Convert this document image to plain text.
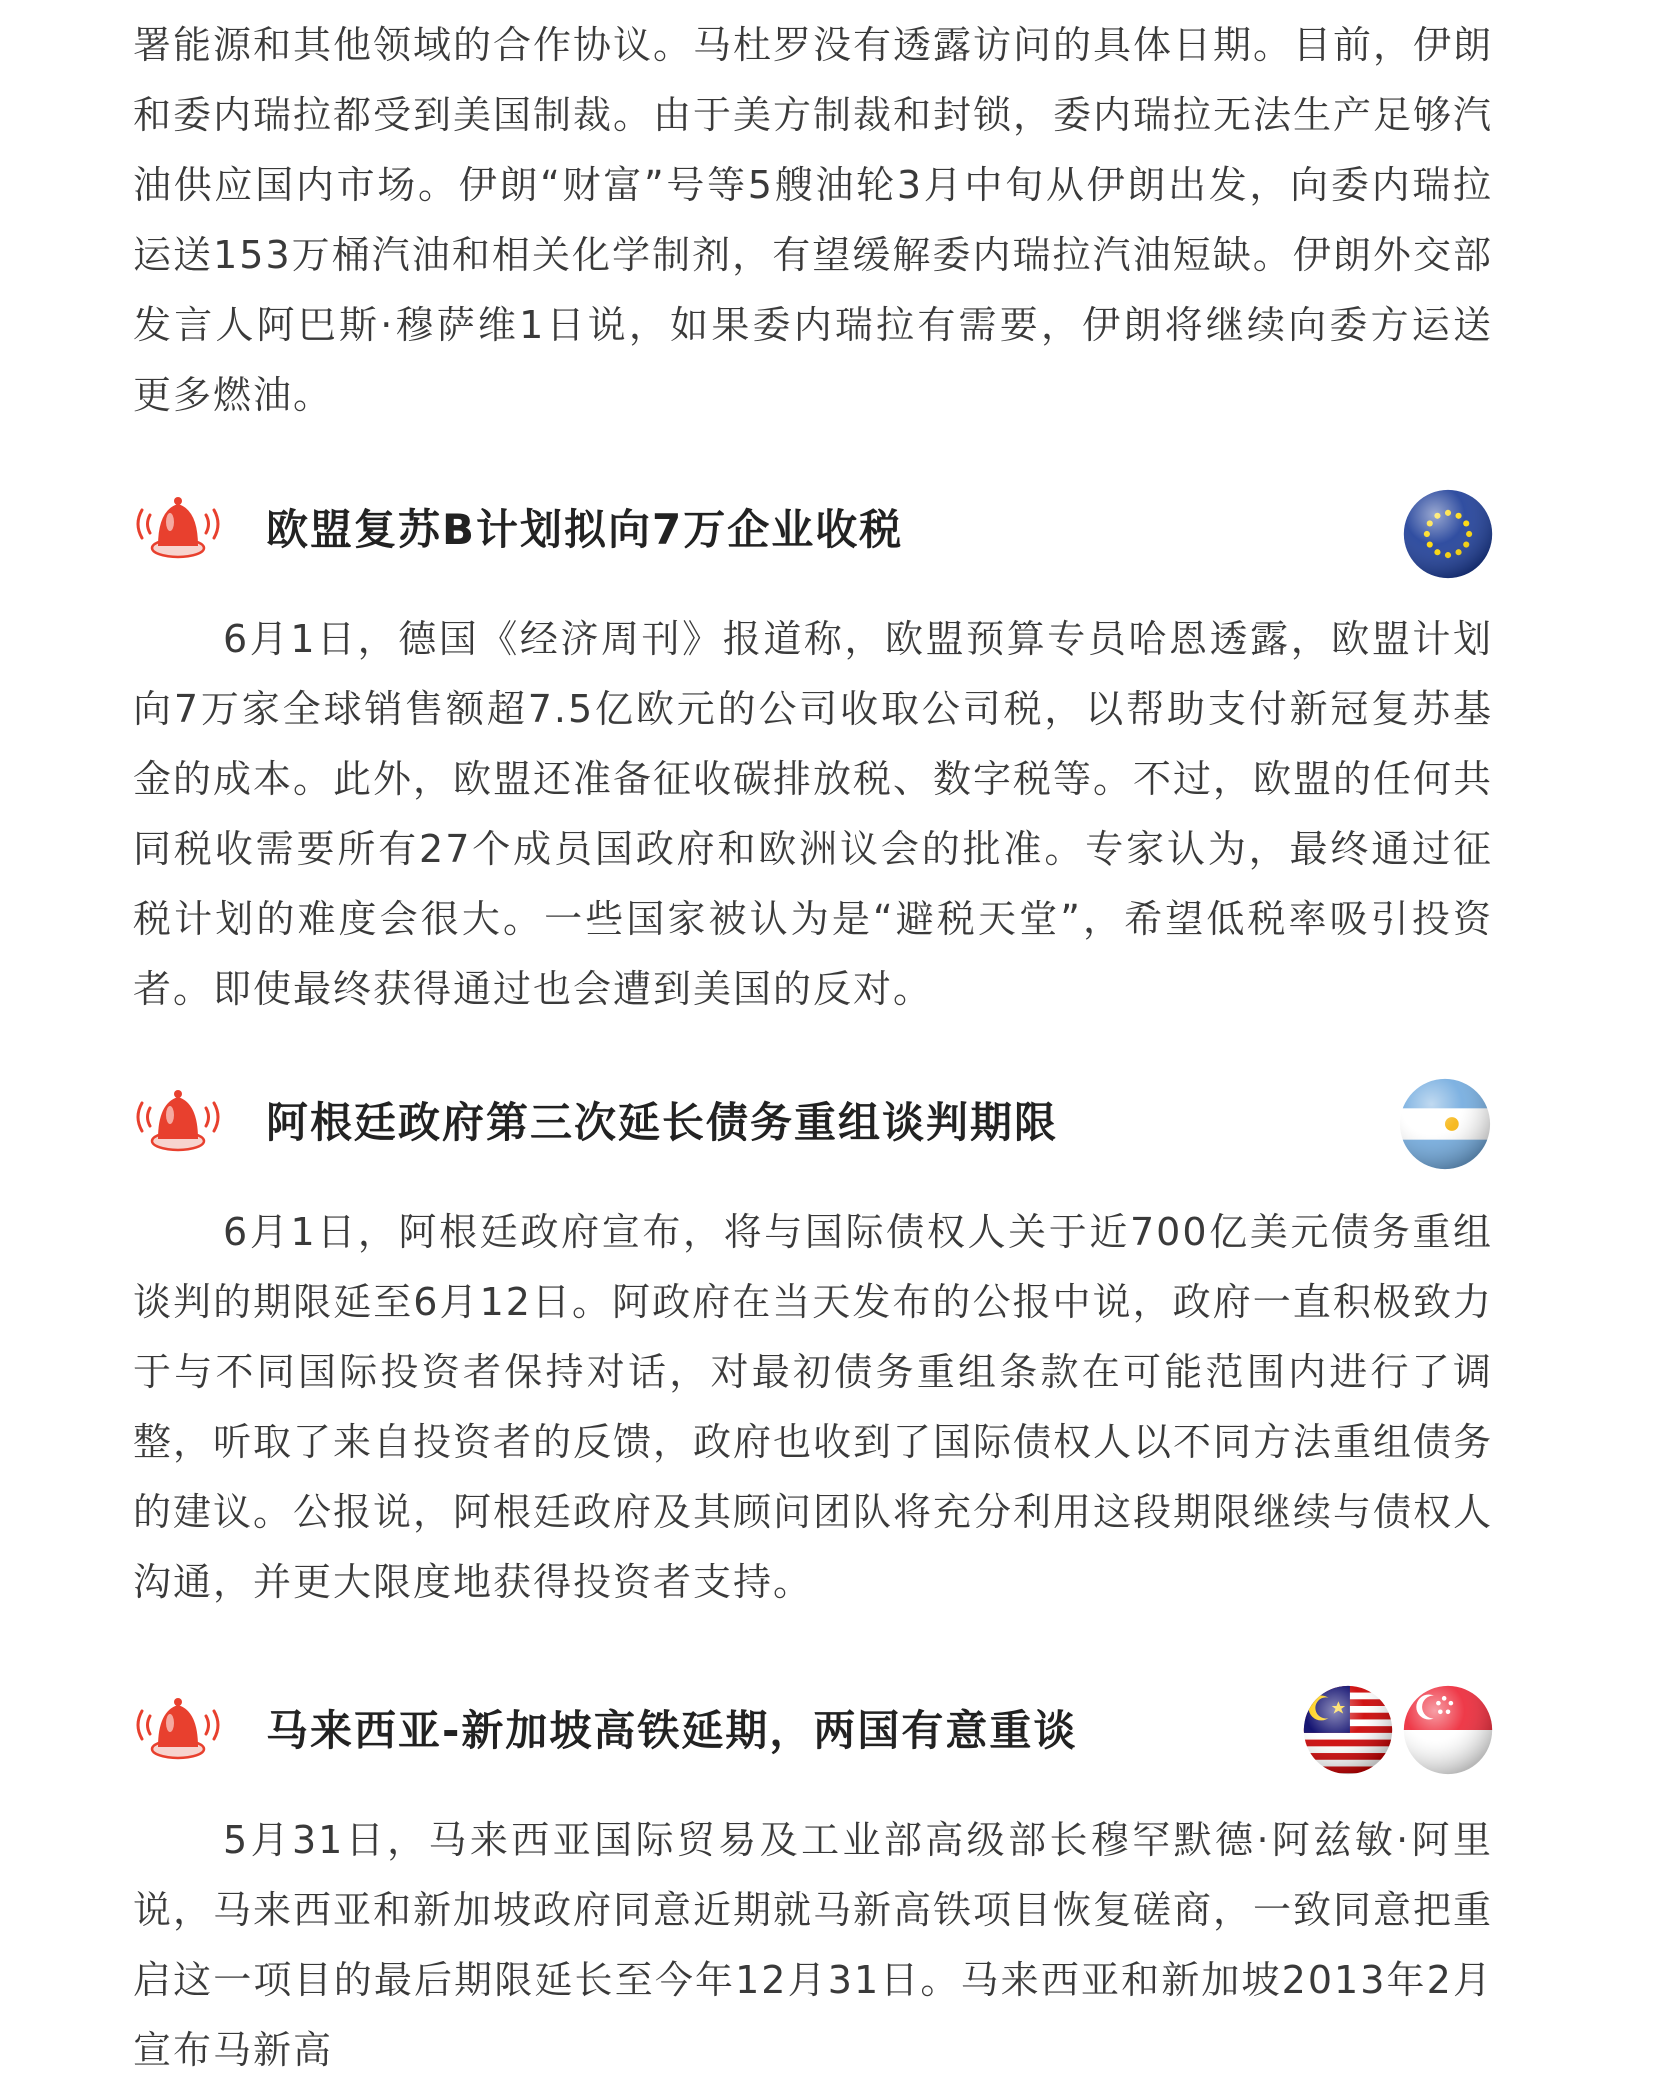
署能源和其他领域的合作协议。马杜罗没有透露访问的具体日期。目前，伊朗和委内瑞拉都受到美国制裁。由于美方制裁和封锁，委内瑞拉无法生产足够汽油供应国内市场。伊朗“财富”号等5艘油轮3月中旬从伊朗出发，向委内瑞拉运送153万桶汽油和相关化学制剂，有望缓解委内瑞拉汽油短缺。伊朗外交部发言人阿巴斯·穆萨维1日说，如果委内瑞拉有需要，伊朗将继续向委方运送更多燃油。

欧盟复苏B计划拟向7万企业收税

6月1日，德国《经济周刊》报道称，欧盟预算专员哈恩透露，欧盟计划向7万家全球销售额超7.5亿欧元的公司收取公司税，以帮助支付新冠复苏基金的成本。此外，欧盟还准备征收碳排放税、数字税等。不过，欧盟的任何共同税收需要所有27个成员国政府和欧洲议会的批准。专家认为，最终通过征税计划的难度会很大。一些国家被认为是“避税天堂”，希望低税率吸引投资者。即使最终获得通过也会遭到美国的反对。

阿根廷政府第三次延长债务重组谈判期限

6月1日，阿根廷政府宣布，将与国际债权人关于近700亿美元债务重组谈判的期限延至6月12日。阿政府在当天发布的公报中说，政府一直积极致力于与不同国际投资者保持对话，对最初债务重组条款在可能范围内进行了调整，听取了来自投资者的反馈，政府也收到了国际债权人以不同方法重组债务的建议。公报说，阿根廷政府及其顾问团队将充分利用这段期限继续与债权人沟通，并更大限度地获得投资者支持。

马来西亚-新加坡高铁延期，两国有意重谈

5月31日，马来西亚国际贸易及工业部高级部长穆罕默德·阿兹敏·阿里说，马来西亚和新加坡政府同意近期就马新高铁项目恢复磋商，一致同意把重启这一项目的最后期限延长至今年12月31日。马来西亚和新加坡2013年2月宣布马新高
